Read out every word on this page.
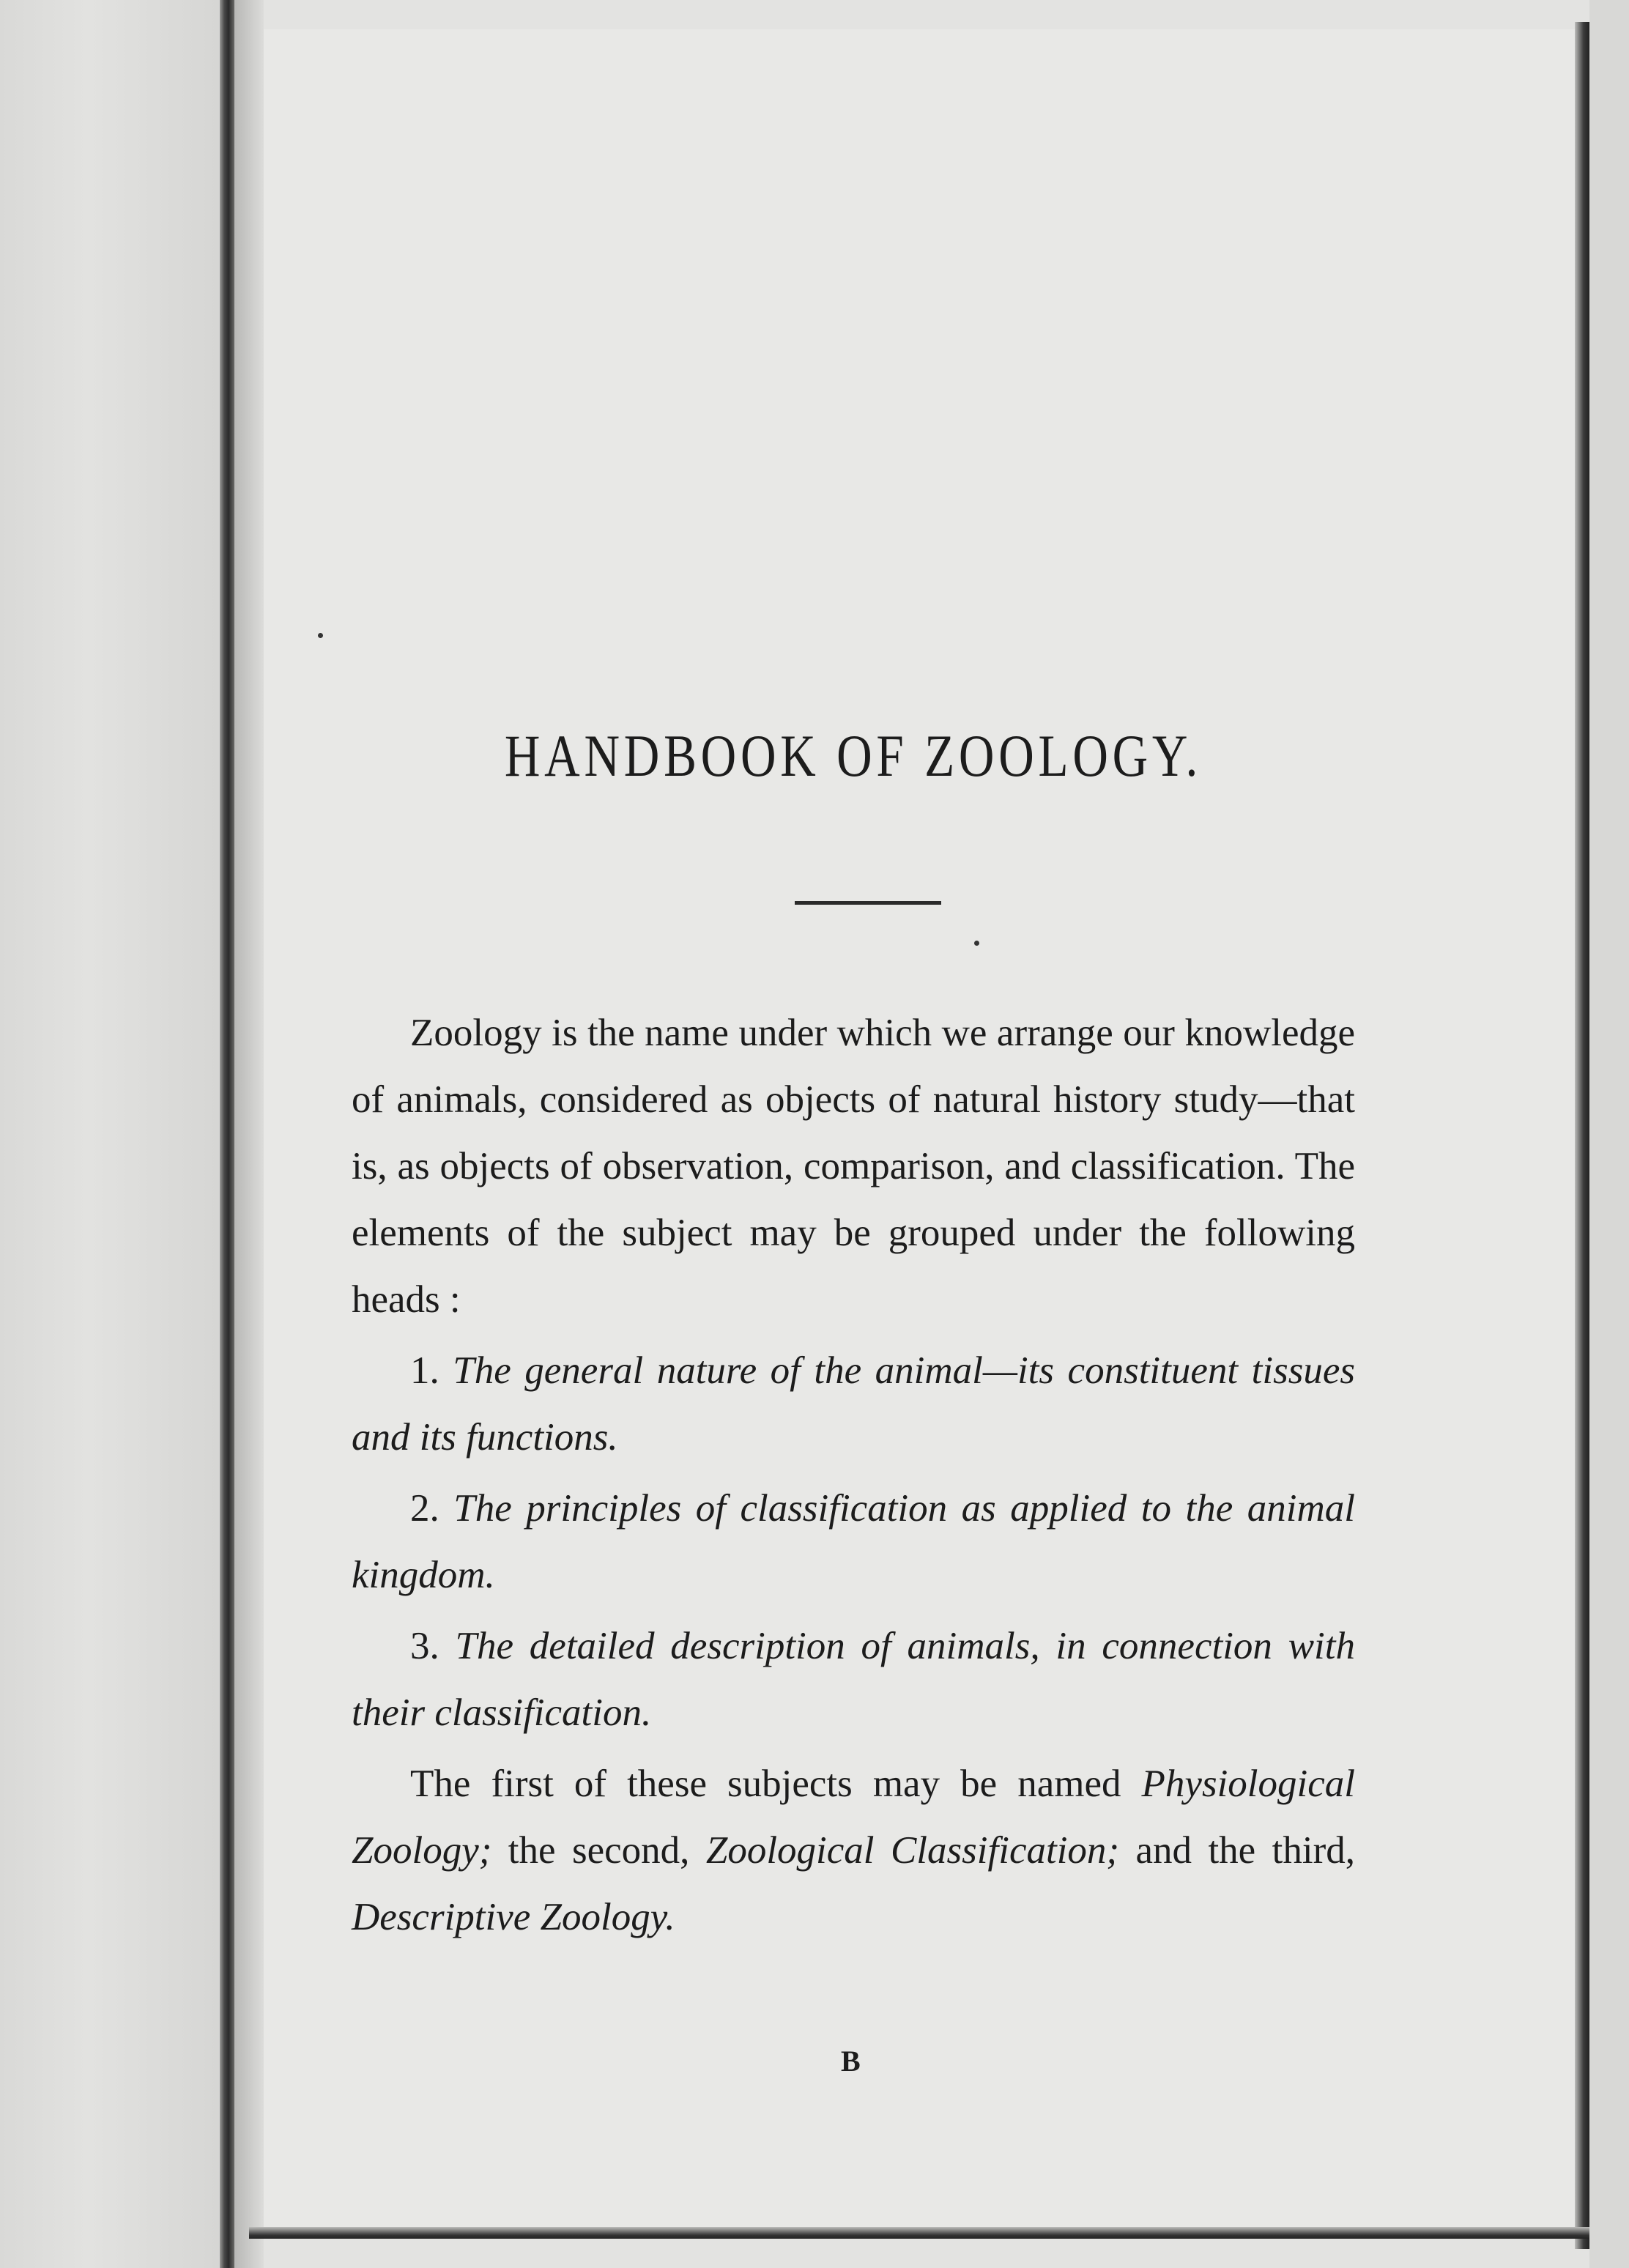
HANDBOOK OF ZOOLOGY.

Zoology is the name under which we arrange our knowledge of animals, considered as objects of natural history study—that is, as objects of observation, comparison, and classification. The elements of the subject may be grouped under the following heads :

1. The general nature of the animal—its constituent tissues and its functions.

2. The principles of classification as applied to the animal kingdom.

3. The detailed description of animals, in connection with their classification.

The first of these subjects may be named Physiological Zoology; the second, Zoological Classification; and the third, Descriptive Zoology.

B
